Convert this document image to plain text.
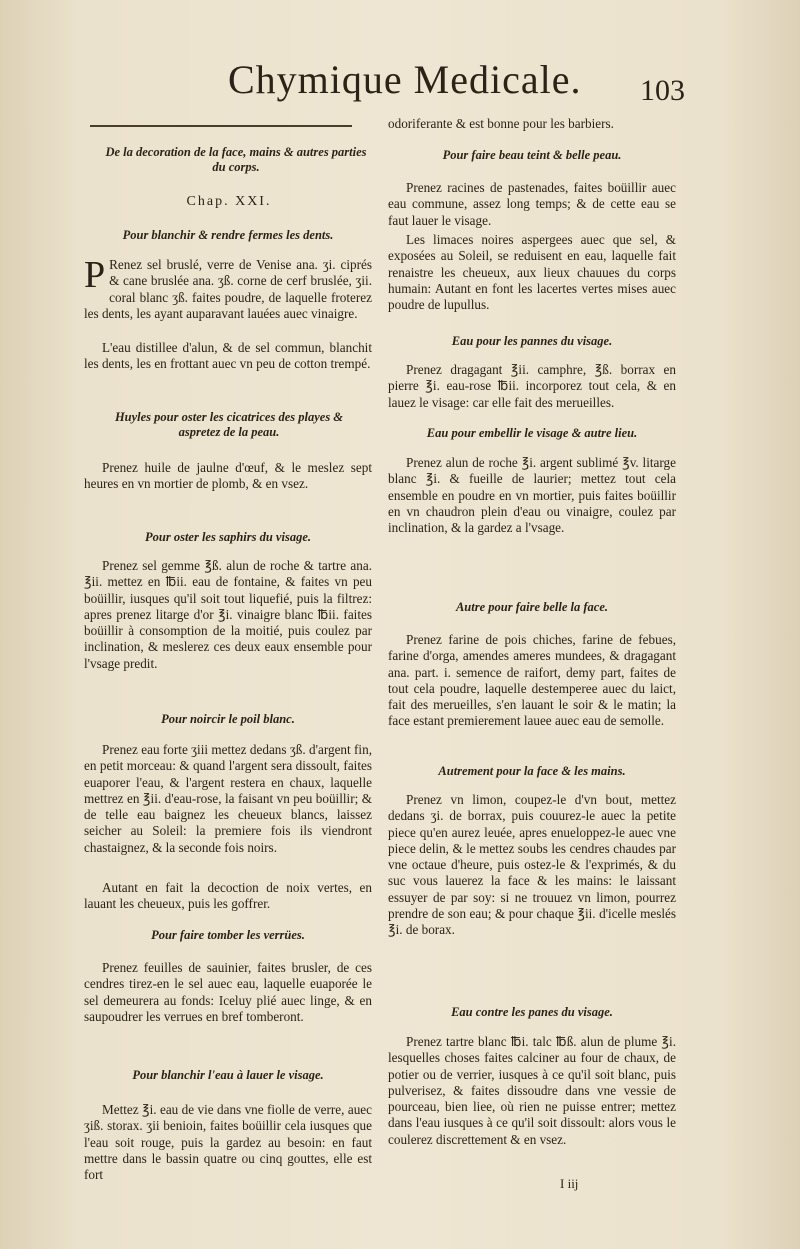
Chymique Medicale. 103

De la decoration de la face, mains & autres parties du corps.

Chap. XXI.

Pour blanchir & rendre fermes les dents.

P Renez sel bruslé, verre de Venise ana. ʒi. ciprés & cane bruslée ana. ʒß. corne de cerf bruslée, ʒii. coral blanc ʒß. faites poudre, de laquelle froterez les dents, les ayant auparavant lauées auec vinaigre.

L'eau distillee d'alun, & de sel commun, blanchit les dents, les en frottant auec vn peu de cotton trempé.

Huyles pour oster les cicatrices des playes & aspretez de la peau.

Prenez huile de jaulne d'œuf, & le meslez sept heures en vn mortier de plomb, & en vsez.

Pour oster les saphirs du visage.

Prenez sel gemme ℥ß. alun de roche & tartre ana. ℥ii. mettez en ℔ii. eau de fontaine, & faites vn peu boüillir, iusques qu'il soit tout liquefié, puis la filtrez: apres prenez litarge d'or ℥i. vinaigre blanc ℔ii. faites boüillir à consomption de la moitié, puis coulez par inclination, & meslerez ces deux eaux ensemble pour l'vsage predit.

Pour noircir le poil blanc.

Prenez eau forte ʒiii mettez dedans ʒß. d'argent fin, en petit morceau: & quand l'argent sera dissoult, faites euaporer l'eau, & l'argent restera en chaux, laquelle mettrez en ℥ii. d'eau-rose, la faisant vn peu boüillir; & de telle eau baignez les cheueux blancs, laissez seicher au Soleil: la premiere fois ils viendront chastaignez, & la seconde fois noirs.

Autant en fait la decoction de noix vertes, en lauant les cheueux, puis les goffrer.

Pour faire tomber les verrües.

Prenez feuilles de sauinier, faites brusler, de ces cendres tirez-en le sel auec eau, laquelle euaporée le sel demeurera au fonds: Iceluy plié auec linge, & en saupoudrer les verrues en bref tomberont.

Pour blanchir l'eau à lauer le visage.

Mettez ℥i. eau de vie dans vne fiolle de verre, auec ʒiß. storax. ʒii benioin, faites boüillir cela iusques que l'eau soit rouge, puis la gardez au besoin: en faut mettre dans le bassin quatre ou cinq gouttes, elle est fort

odoriferante & est bonne pour les barbiers.

Pour faire beau teint & belle peau.

Prenez racines de pastenades, faites boüillir auec eau commune, assez long temps; & de cette eau se faut lauer le visage.

Les limaces noires aspergees auec que sel, & exposées au Soleil, se reduisent en eau, laquelle fait renaistre les cheueux, aux lieux chauues du corps humain: Autant en font les lacertes vertes mises auec poudre de lupullus.

Eau pour les pannes du visage.

Prenez dragagant ℥ii. camphre, ℥ß. borrax en pierre ℥i. eau-rose ℔ii. incorporez tout cela, & en lauez le visage: car elle fait des merueilles.

Eau pour embellir le visage & autre lieu.

Prenez alun de roche ℥i. argent sublimé ℥v. litarge blanc ℥i. & fueille de laurier; mettez tout cela ensemble en poudre en vn mortier, puis faites boüillir en vn chaudron plein d'eau ou vinaigre, coulez par inclination, & la gardez a l'vsage.

Autre pour faire belle la face.

Prenez farine de pois chiches, farine de febues, farine d'orga, amendes ameres mundees, & dragagant ana. part. i. semence de raifort, demy part, faites de tout cela poudre, laquelle destemperee auec du laict, fait des merueilles, s'en lauant le soir & le matin; la face estant premierement lauee auec eau de semolle.

Autrement pour la face & les mains.

Prenez vn limon, coupez-le d'vn bout, mettez dedans ʒi. de borrax, puis couurez-le auec la petite piece qu'en aurez leuée, apres enueloppez-le auec vne piece delin, & le mettez soubs les cendres chaudes par vne octaue d'heure, puis ostez-le & l'exprimés, & du suc vous lauerez la face & les mains: le laissant essuyer de par soy: si ne trouuez vn limon, pourrez prendre de son eau; & pour chaque ℥ii. d'icelle meslés ℥i. de borax.

Eau contre les panes du visage.

Prenez tartre blanc ℔i. talc ℔ß. alun de plume ℥i. lesquelles choses faites calciner au four de chaux, de potier ou de verrier, iusques à ce qu'il soit blanc, puis pulverisez, & faites dissoudre dans vne vessie de pourceau, bien liee, où rien ne puisse entrer; mettez dans l'eau iusques à ce qu'il soit dissoult: alors vous le coulerez discrettement & en vsez.

I iij
